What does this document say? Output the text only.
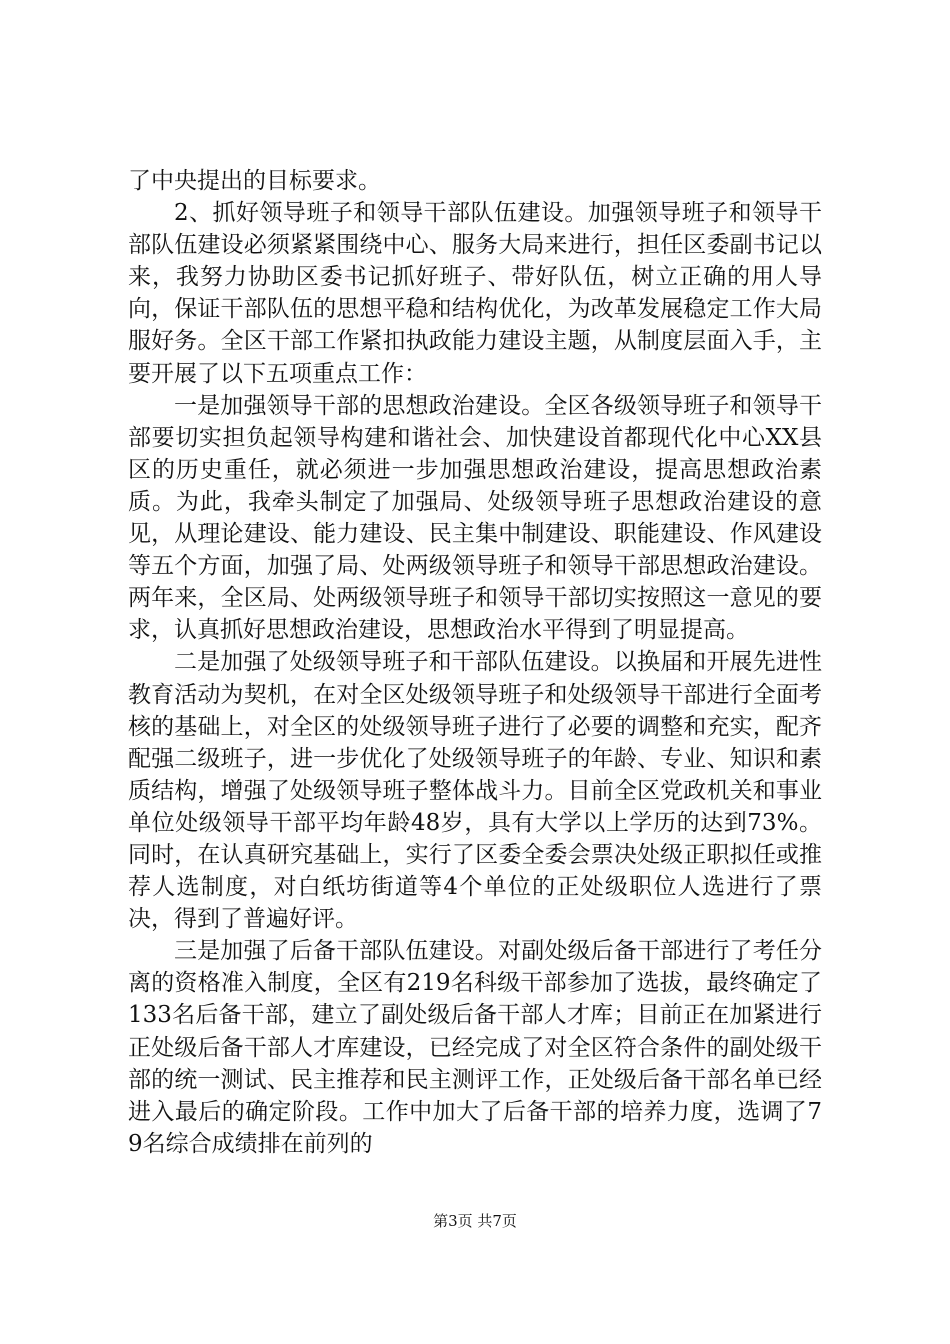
了中央提出的目标要求。

2、抓好领导班子和领导干部队伍建设。加强领导班子和领导干部队伍建设必须紧紧围绕中心、服务大局来进行，担任区委副书记以来，我努力协助区委书记抓好班子、带好队伍，树立正确的用人导向，保证干部队伍的思想平稳和结构优化，为改革发展稳定工作大局服好务。全区干部工作紧扣执政能力建设主题，从制度层面入手，主要开展了以下五项重点工作：

一是加强领导干部的思想政治建设。全区各级领导班子和领导干部要切实担负起领导构建和谐社会、加快建设首都现代化中心XX县区的历史重任，就必须进一步加强思想政治建设，提高思想政治素质。为此，我牵头制定了加强局、处级领导班子思想政治建设的意见，从理论建设、能力建设、民主集中制建设、职能建设、作风建设等五个方面，加强了局、处两级领导班子和领导干部思想政治建设。两年来，全区局、处两级领导班子和领导干部切实按照这一意见的要求，认真抓好思想政治建设，思想政治水平得到了明显提高。

二是加强了处级领导班子和干部队伍建设。以换届和开展先进性教育活动为契机，在对全区处级领导班子和处级领导干部进行全面考核的基础上，对全区的处级领导班子进行了必要的调整和充实，配齐配强二级班子，进一步优化了处级领导班子的年龄、专业、知识和素质结构，增强了处级领导班子整体战斗力。目前全区党政机关和事业单位处级领导干部平均年龄48岁，具有大学以上学历的达到73%。同时，在认真研究基础上，实行了区委全委会票决处级正职拟任或推荐人选制度，对白纸坊街道等4个单位的正处级职位人选进行了票决，得到了普遍好评。

三是加强了后备干部队伍建设。对副处级后备干部进行了考任分离的资格准入制度，全区有219名科级干部参加了选拔，最终确定了133名后备干部，建立了副处级后备干部人才库；目前正在加紧进行正处级后备干部人才库建设，已经完成了对全区符合条件的副处级干部的统一测试、民主推荐和民主测评工作，正处级后备干部名单已经进入最后的确定阶段。工作中加大了后备干部的培养力度，选调了79名综合成绩排在前列的

第3页 共7页
